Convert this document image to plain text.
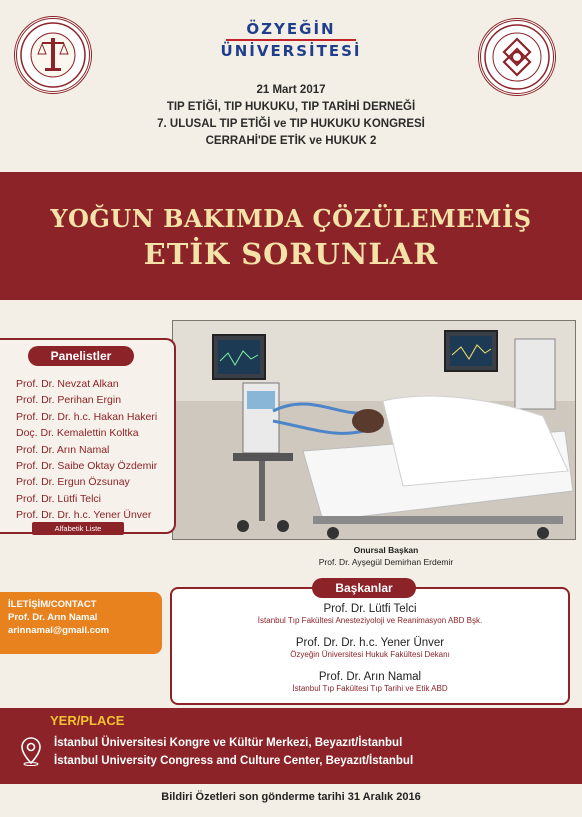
ÖZYEĞİN
ÜNİVERSİTESİ
21 Mart 2017
TIP ETİĞİ, TIP HUKUKU, TIP TARİHİ DERNEĞİ
7. ULUSAL TIP ETİĞİ ve TIP HUKUKU KONGRESİ
CERRAHİ'DE ETİK ve HUKUK 2
YOĞUN BAKIMDA ÇÖZÜLEMEMİŞ
ETİK SORUNLAR
Panelistler
Prof. Dr. Nevzat Alkan
Prof. Dr. Perihan Ergin
Prof. Dr. Dr. h.c. Hakan Hakeri
Doç. Dr. Kemalettin Koltka
Prof. Dr. Arın Namal
Prof. Dr. Saibe Oktay Özdemir
Prof. Dr. Ergun Özsunay
Prof. Dr. Lütfi Telci
Prof. Dr. Dr. h.c. Yener Ünver
Alfabetik Liste
Onursal Başkan
Prof. Dr. Ayşegül Demirhan Erdemir
İLETİŞİM/CONTACT
Prof. Dr. Arın Namal
arinnamal@gmail.com
Başkanlar
Prof. Dr. Lütfi Telci
İstanbul Tıp Fakültesi Anesteziyoloji ve Reanimasyon ABD Bşk.
Prof. Dr. Dr. h.c. Yener Ünver
Özyeğin Üniversitesi Hukuk Fakültesi Dekanı
Prof. Dr. Arın Namal
İstanbul Tıp Fakültesi Tıp Tarihi ve Etik ABD
YER/PLACE
İstanbul Üniversitesi Kongre ve Kültür Merkezi, Beyazıt/İstanbul
İstanbul University Congress and Culture Center, Beyazıt/İstanbul
Bildiri Özetleri son gönderme tarihi 31 Aralık 2016
